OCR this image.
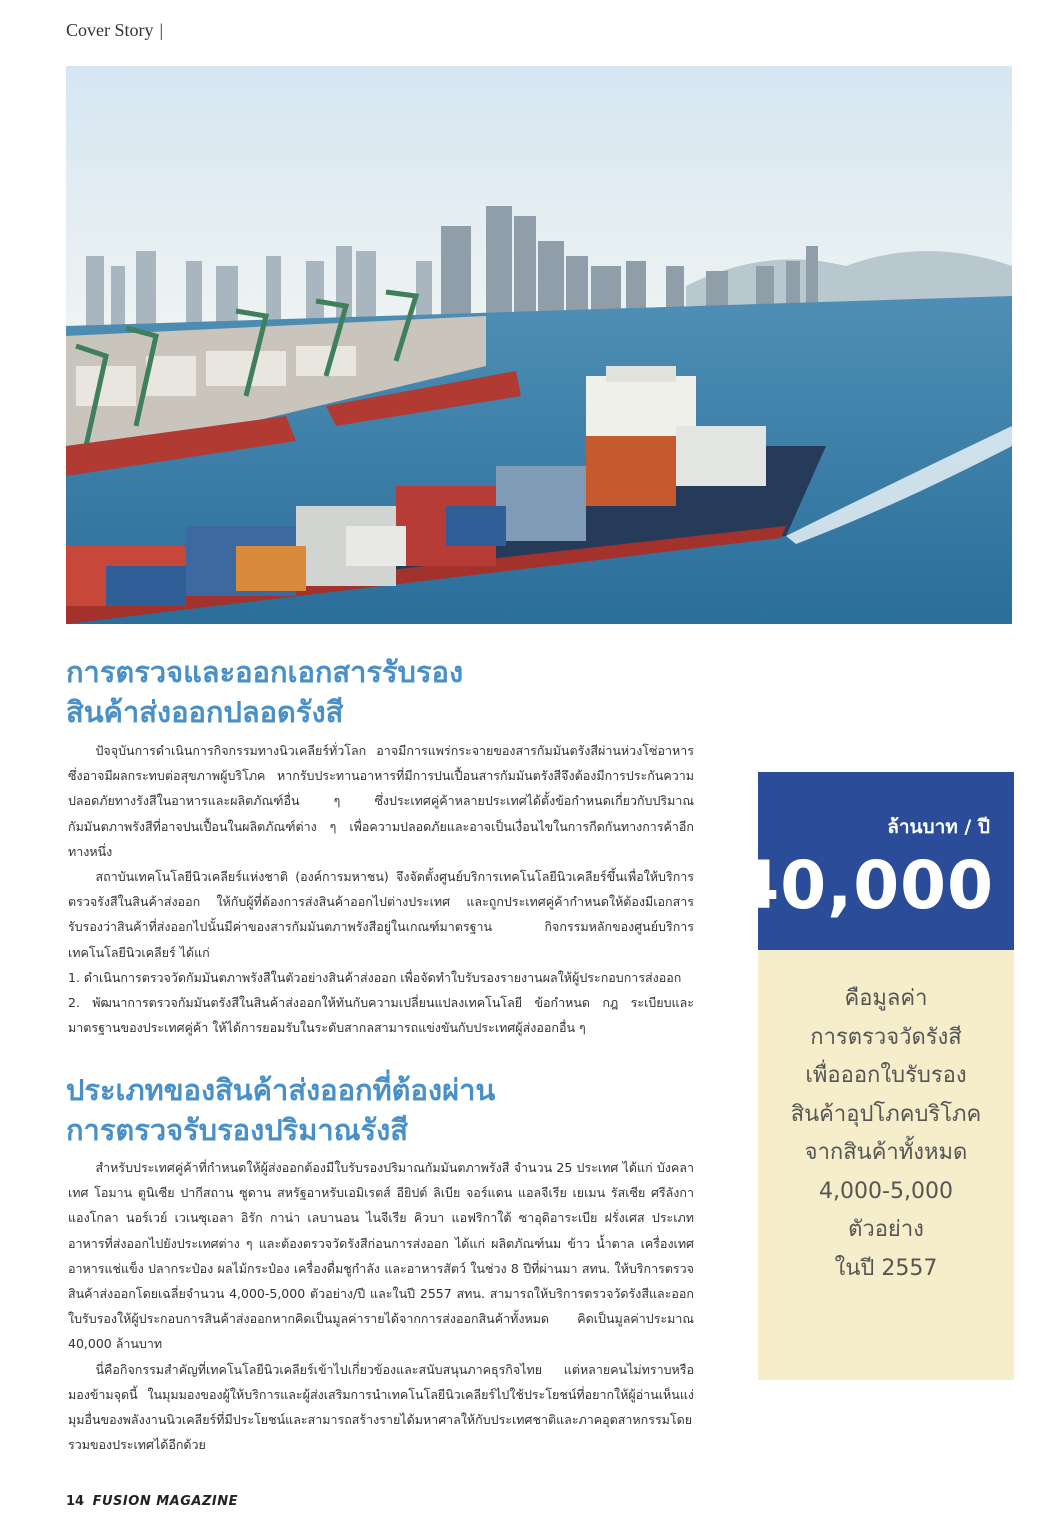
Cover Story |
การตรวจและออกเอกสารรับรอง
สินค้าส่งออกปลอดรังสี

ปัจจุบันการดำเนินการกิจกรรมทางนิวเคลียร์ทั่วโลก อาจมีการแพร่กระจายของสารกัมมันตรังสีผ่านห่วงโซ่อาหาร ซึ่งอาจมีผลกระทบต่อสุขภาพผู้บริโภค หากรับประทานอาหารที่มีการปนเปื้อนสารกัมมันตรังสีจึงต้องมีการประกันความปลอดภัยทางรังสีในอาหารและผลิตภัณฑ์อื่น ๆ ซึ่งประเทศคู่ค้าหลายประเทศได้ตั้งข้อกำหนดเกี่ยวกับปริมาณกัมมันตภาพรังสีที่อาจปนเปื้อนในผลิตภัณฑ์ต่าง ๆ เพื่อความปลอดภัยและอาจเป็นเงื่อนไขในการกีดกันทางการค้าอีกทางหนึ่ง

สถาบันเทคโนโลยีนิวเคลียร์แห่งชาติ (องค์การมหาชน) จึงจัดตั้งศูนย์บริการเทคโนโลยีนิวเคลียร์ขึ้นเพื่อให้บริการตรวจรังสีในสินค้าส่งออก ให้กับผู้ที่ต้องการส่งสินค้าออกไปต่างประเทศ และถูกประเทศคู่ค้ากำหนดให้ต้องมีเอกสารรับรองว่าสินค้าที่ส่งออกไปนั้นมีค่าของสารกัมมันตภาพรังสีอยู่ในเกณฑ์มาตรฐาน กิจกรรมหลักของศูนย์บริการเทคโนโลยีนิวเคลียร์ ได้แก่

1. ดำเนินการตรวจวัดกัมมันตภาพรังสีในตัวอย่างสินค้าส่งออก เพื่อจัดทำใบรับรองรายงานผลให้ผู้ประกอบการส่งออก

2. พัฒนาการตรวจกัมมันตรังสีในสินค้าส่งออกให้ทันกับความเปลี่ยนแปลงเทคโนโลยี ข้อกำหนด กฎ ระเบียบและมาตรฐานของประเทศคู่ค้า ให้ได้การยอมรับในระดับสากลสามารถแข่งขันกับประเทศผู้ส่งออกอื่น ๆ

ประเภทของสินค้าส่งออกที่ต้องผ่าน
การตรวจรับรองปริมาณรังสี

สำหรับประเทศคู่ค้าที่กำหนดให้ผู้ส่งออกต้องมีใบรับรองปริมาณกัมมันตภาพรังสี จำนวน 25 ประเทศ ได้แก่ บังคลาเทศ โอมาน ตูนิเซีย ปากีสถาน ซูดาน สหรัฐอาหรับเอมิเรตส์ อียิปต์ ลิเบีย จอร์แดน แอลจีเรีย เยเมน รัสเซีย ศรีลังกา แองโกลา นอร์เวย์ เวเนซุเอลา อิรัก กาน่า เลบานอน ไนจีเรีย คิวบา แอฟริกาใต้ ซาอุดิอาระเบีย ฝรั่งเศส ประเภทอาหารที่ส่งออกไปยังประเทศต่าง ๆ และต้องตรวจวัดรังสีก่อนการส่งออก ได้แก่ ผลิตภัณฑ์นม ข้าว น้ำตาล เครื่องเทศ อาหารแช่แข็ง ปลากระป๋อง ผลไม้กระป๋อง เครื่องดื่มชูกำลัง และอาหารสัตว์ ในช่วง 8 ปีที่ผ่านมา สทน. ให้บริการตรวจสินค้าส่งออกโดยเฉลี่ยจำนวน 4,000-5,000 ตัวอย่าง/ปี และในปี 2557 สทน. สามารถให้บริการตรวจวัดรังสีและออกใบรับรองให้ผู้ประกอบการสินค้าส่งออกหากคิดเป็นมูลค่ารายได้จากการส่งออกสินค้าทั้งหมด คิดเป็นมูลค่าประมาณ 40,000 ล้านบาท

นี่คือกิจกรรมสำคัญที่เทคโนโลยีนิวเคลียร์เข้าไปเกี่ยวข้องและสนับสนุนภาคธุรกิจไทย แต่หลายคนไม่ทราบหรือมองข้ามจุดนี้ ในมุมมองของผู้ให้บริการและผู้ส่งเสริมการนำเทคโนโลยีนิวเคลียร์ไปใช้ประโยชน์ที่อยากให้ผู้อ่านเห็นแง่มุมอื่นของพลังงานนิวเคลียร์ที่มีประโยชน์และสามารถสร้างรายได้มหาศาลให้กับประเทศชาติและภาคอุตสาหกรรมโดยรวมของประเทศได้อีกด้วย

ล้านบาท / ปี
40,000
คือมูลค่า
การตรวจวัดรังสี
เพื่อออกใบรับรอง
สินค้าอุปโภคบริโภค
จากสินค้าทั้งหมด
4,000-5,000
ตัวอย่าง
ในปี 2557
14 FUSION MAGAZINE
